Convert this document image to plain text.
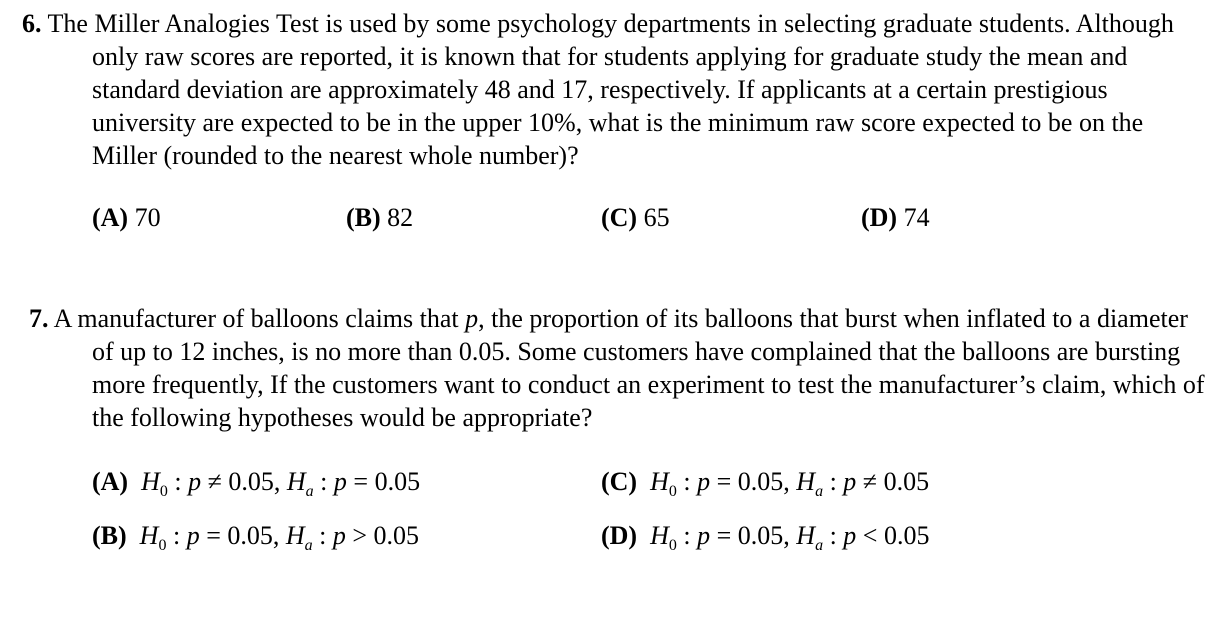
6. The Miller Analogies Test is used by some psychology departments in selecting graduate students. Although only raw scores are reported, it is known that for students applying for graduate study the mean and standard deviation are approximately 48 and 17, respectively. If applicants at a certain prestigious university are expected to be in the upper 10%, what is the minimum raw score expected to be on the Miller (rounded to the nearest whole number)?

(A) 70	(B) 82	(C) 65	(D) 74

7. A manufacturer of balloons claims that p, the proportion of its balloons that burst when inflated to a diameter of up to 12 inches, is no more than 0.05. Some customers have complained that the balloons are bursting more frequently, If the customers want to conduct an experiment to test the manufacturer’s claim, which of the following hypotheses would be appropriate?

(A) $H_0$ : p ≠ 0.05, $H_a$ : p = 0.05	(C) $H_0$ : p = 0.05, $H_a$ : p ≠ 0.05
(B) $H_0$ : p = 0.05, $H_a$ : p > 0.05	(D) $H_0$ : p = 0.05, $H_a$ : p < 0.05
